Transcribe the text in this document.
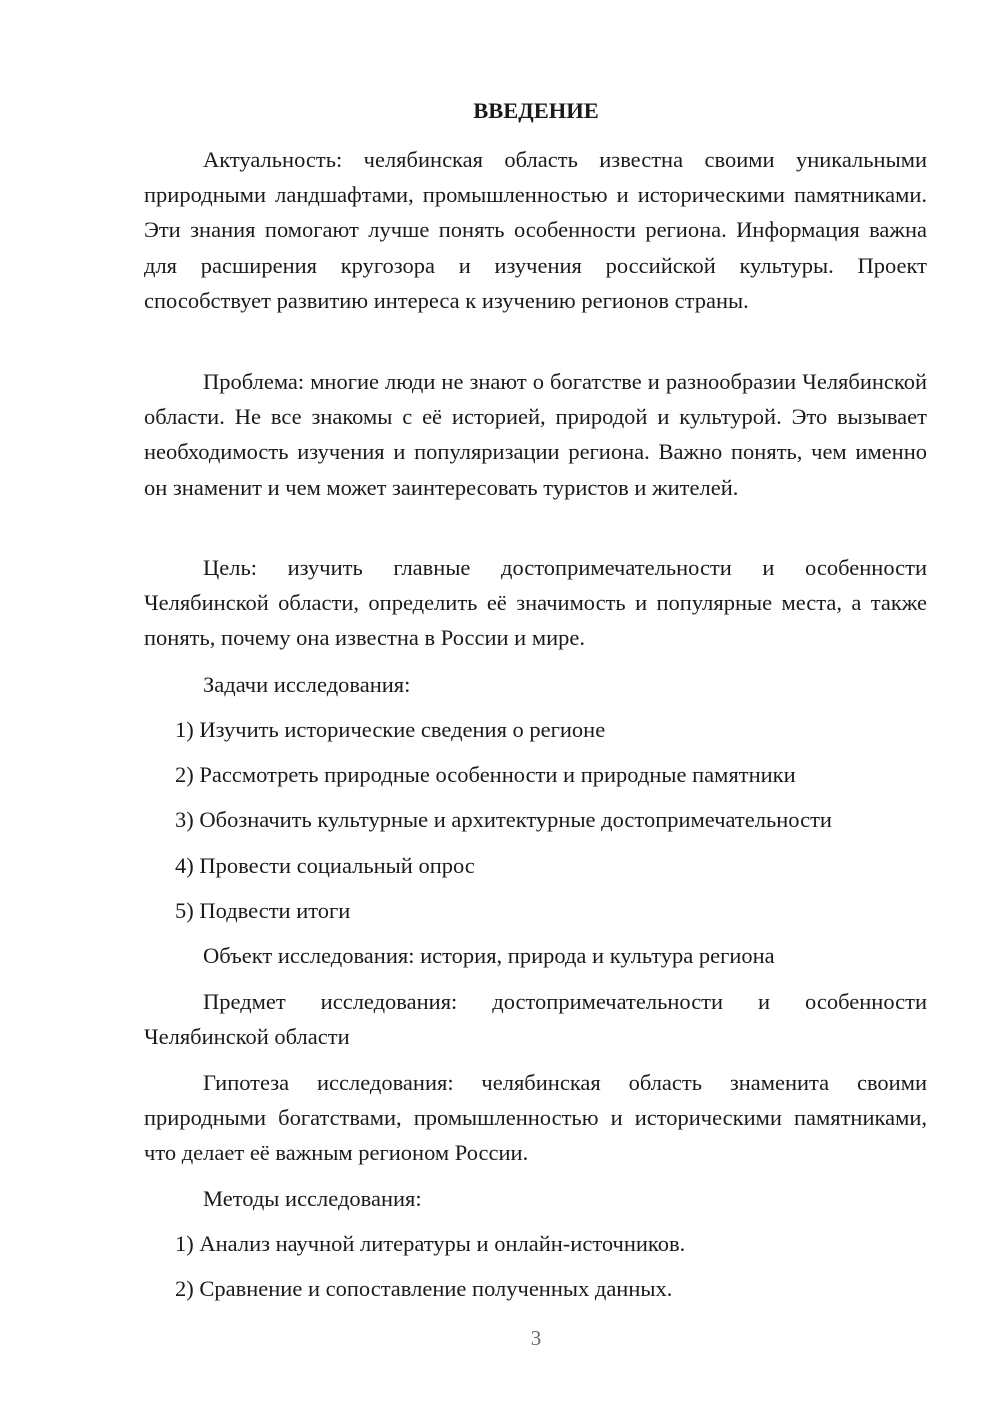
ВВЕДЕНИЕ

Актуальность: челябинская область известна своими уникальными природными ландшафтами, промышленностью и историческими памятниками. Эти знания помогают лучше понять особенности региона. Информация важна для расширения кругозора и изучения российской культуры. Проект способствует развитию интереса к изучению регионов страны.

Проблема: многие люди не знают о богатстве и разнообразии Челябинской области. Не все знакомы с её историей, природой и культурой. Это вызывает необходимость изучения и популяризации региона. Важно понять, чем именно он знаменит и чем может заинтересовать туристов и жителей.

Цель: изучить главные достопримечательности и особенности Челябинской области, определить её значимость и популярные места, а также понять, почему она известна в России и мире.

Задачи исследования:
1) Изучить исторические сведения о регионе
2) Рассмотреть природные особенности и природные памятники
3) Обозначить культурные и архитектурные достопримечательности
4) Провести социальный опрос
5) Подвести итоги
Объект исследования: история, природа и культура региона

Предмет исследования: достопримечательности и особенности Челябинской области

Гипотеза исследования: челябинская область знаменита своими природными богатствами, промышленностью и историческими памятниками, что делает её важным регионом России.

Методы исследования:
1) Анализ научной литературы и онлайн-источников.
2) Сравнение и сопоставление полученных данных.
3
